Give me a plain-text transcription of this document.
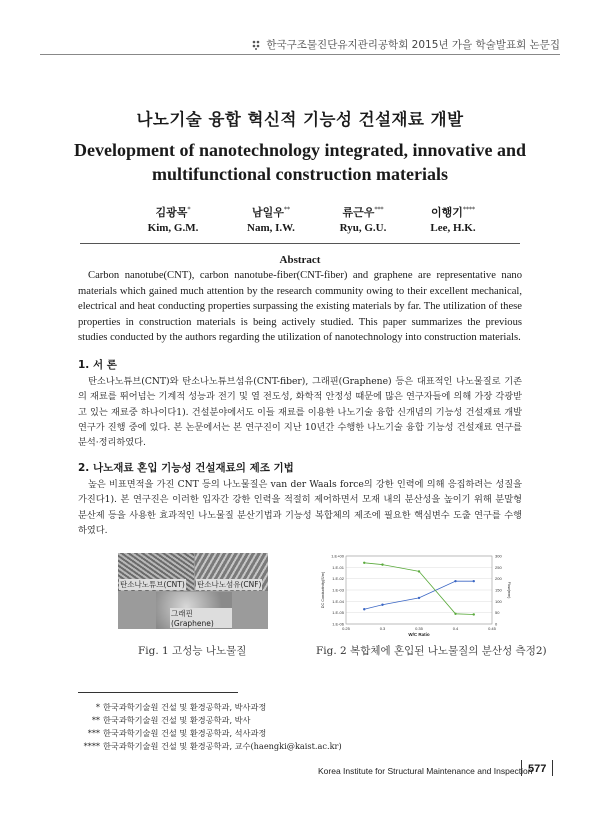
한국구조물진단유지관리공학회 2015년 가을 학술발표회 논문집
나노기술 융합 혁신적 기능성 건설재료 개발
Development of nanotechnology integrated, innovative and multifunctional construction materials
김광목*
Kim, G.M.
남일우**
Nam, I.W.
류근우***
Ryu, G.U.
이행기****
Lee, H.K.
Abstract
Carbon nanotube(CNT), carbon nanotube-fiber(CNT-fiber) and graphene are representative nano materials which gained much attention by the research community owing to their excellent mechanical, electrical and heat conducting properties surpassing the existing materials by far. The utilization of these properties in construction materials is being actively studied. This paper summarizes the previous studies conducted by the authors regarding the utilization of nanotechnology into construction materials.
1. 서 론
탄소나노튜브(CNT)와 탄소나노튜브섬유(CNT-fiber), 그래핀(Graphene) 등은 대표적인 나노물질로 기존의 재료를 뛰어넘는 기계적 성능과 전기 및 열 전도성, 화학적 안정성 때문에 많은 연구자들에 의해 가장 각광받고 있는 재료중 하나이다1). 건설분야에서도 이들 재료를 이용한 나노기술 융합 신개념의 기능성 건설재료 개발 연구가 진행 중에 있다. 본 논문에서는 본 연구진이 지난 10년간 수행한 나노기술 융합 기능성 건설재료 연구를 분석·정리하였다.
2. 나노재료 혼입 기능성 건설재료의 제조 기법
높은 비표면적을 가진 CNT 등의 나노물질은 van der Waals force의 강한 인력에 의해 응집하려는 성질을 가진다1). 본 연구진은 이러한 입자간 강한 인력을 적절히 제어하면서 모재 내의 분산성을 높이기 위해 분말형 분산제 등을 사용한 효과적인 나노물질 분산기법과 기능성 복합체의 제조에 필요한 핵심변수 도출 연구를 수행하였다.
탄소나노튜브(CNT) 탄소나노섬유(CNF)
그래핀(Graphene)
Fig. 1 고성능 나노물질
1.E-06
1.E-05
1.E-04
1.E-03
1.E-02
1.E-01
1.E+00
0
50
100
150
200
250
300
0.25	0.3	0.35	0.4	0.45
W/C Ratio
DC Conductivity(S/m)	Flow(mm)
Fig. 2 복합체에 혼입된 나노물질의 분산성 측정2)
* 한국과학기술원 건설 및 환경공학과, 박사과정
** 한국과학기술원 건설 및 환경공학과, 박사
*** 한국과학기술원 건설 및 환경공학과, 석사과정
**** 한국과학기술원 건설 및 환경공학과, 교수(haengki@kaist.ac.kr)
Korea Institute for Structural Maintenance and Inspection
577
